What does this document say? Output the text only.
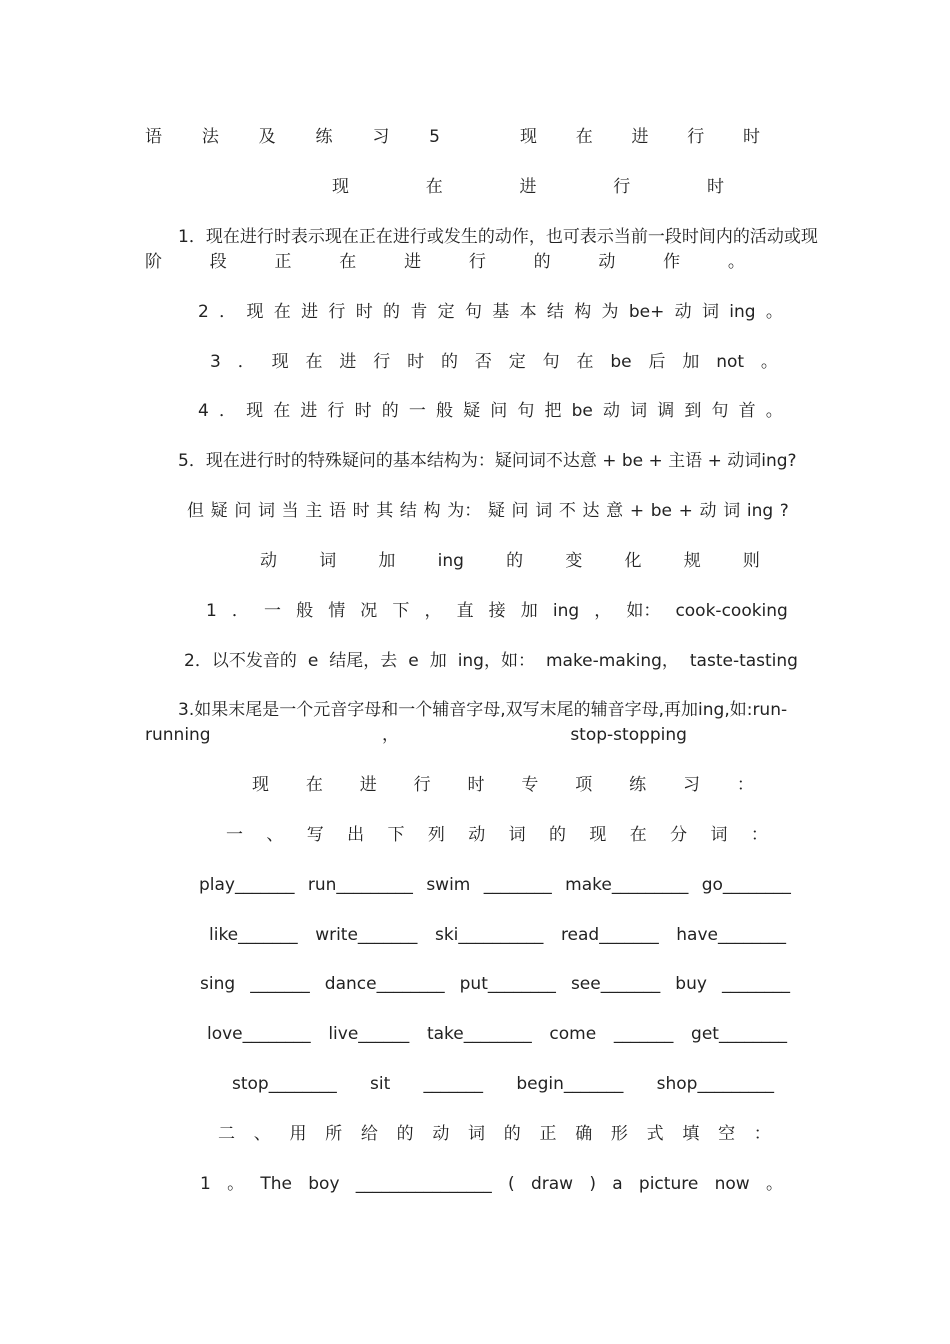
语 法 及 练 习 5	现 在 进 行 时
现	在	进	行	时
1．现在进行时表示现在正在进行或发生的动作，也可表示当前一段时间内的活动或现
阶	段	正	在	进	行	的	动	作	。
2 ． 现 在 进 行 时 的 肯 定 句 基 本 结 构 为 be+ 动 词 ing 。
3 ． 现 在 进 行 时 的 否 定 句 在 be 后 加 not 。
4 ． 现 在 进 行 时 的 一 般 疑 问 句 把 be 动 词 调 到 句 首 。
5．现在进行时的特殊疑问的基本结构为：疑问词不达意 + be + 主语 + 动词ing?
但 疑 问 词 当 主 语 时 其 结 构 为： 疑 问 词 不 达 意 + be + 动 词 ing ?
动 词 加 ing 的 变 化 规 则
1 ． 一 般 情 况 下 ， 直 接 加 ing ， 如： cook-cooking
2．以不发音的 e 结尾，去 e 加 ing，如： make-making， taste-tasting
3.如果末尾是一个元音字母和一个辅音字母,双写末尾的辅音字母,再加ing,如:run-
running	，	stop-stopping
现 在 进 行 时 专 项 练 习 ：
一 、 写 出 下 列 动 词 的 现 在 分 词 ：
play_______ run_________ swim ________ make_________ go________
like_______ write_______ ski__________ read_______ have________
sing _______ dance________ put________ see_______ buy ________
love________ live______ take________ come _______ get________
stop________ sit _______ begin_______ shop_________
二 、 用 所 给 的 动 词 的 正 确 形 式 填 空 ：
1 。 The boy ________________ ( draw ) a picture now 。
